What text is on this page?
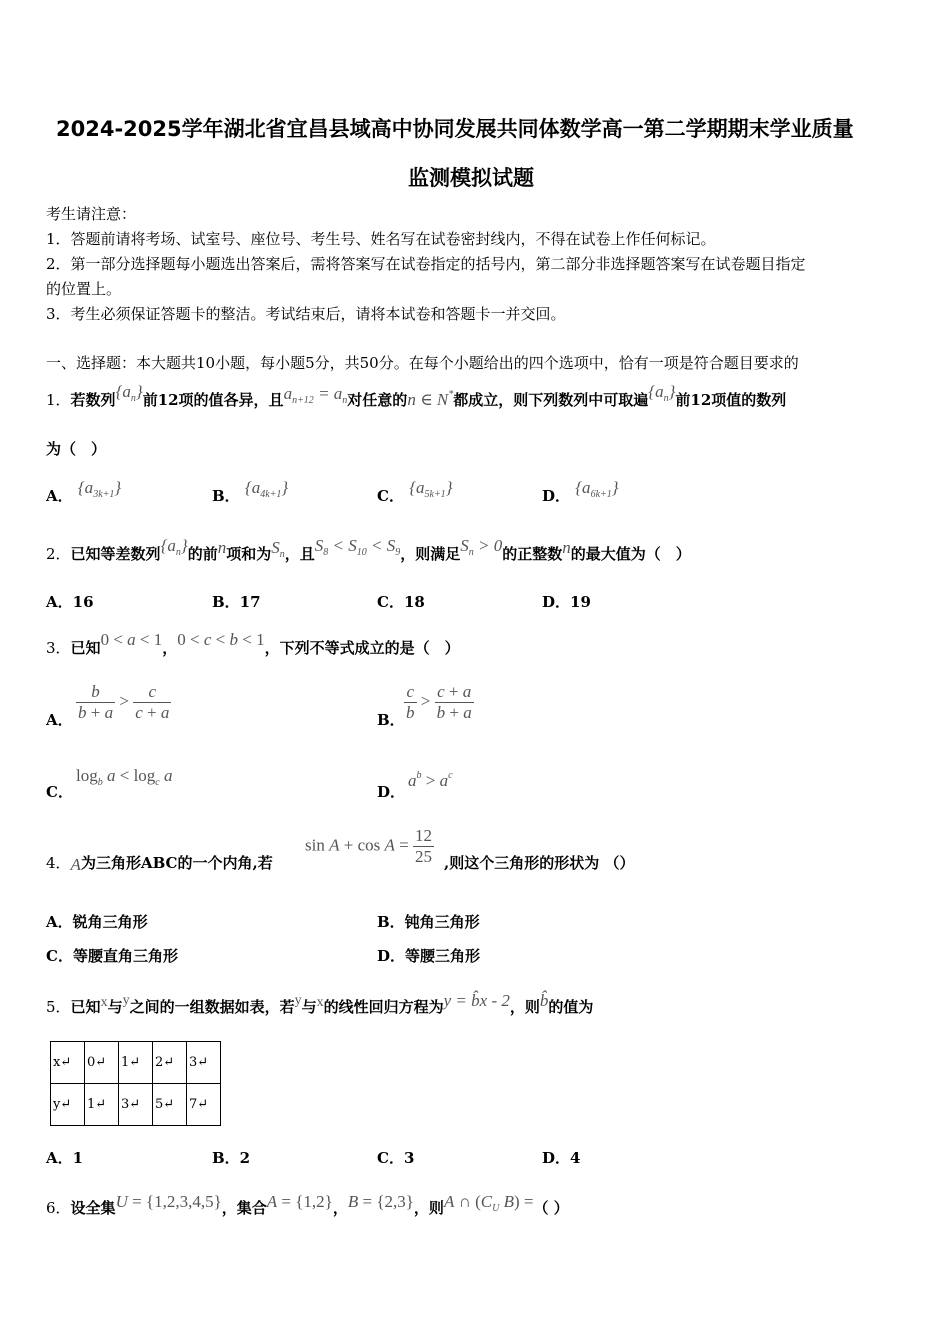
2024-2025学年湖北省宜昌县域高中协同发展共同体数学高一第二学期期末学业质量
监测模拟试题
考生请注意：
1．答题前请将考场、试室号、座位号、考生号、姓名写在试卷密封线内，不得在试卷上作任何标记。
2．第一部分选择题每小题选出答案后，需将答案写在试卷指定的括号内，第二部分非选择题答案写在试卷题目指定
的位置上。
3．考生必须保证答题卡的整洁。考试结束后，请将本试卷和答题卡一并交回。
一、选择题：本大题共10小题，每小题5分，共50分。在每个小题给出的四个选项中，恰有一项是符合题目要求的
1．若数列$\{a_n\}$前12项的值各异，且$a_{n+12} = a_n$对任意的n ∈ N*都成立，则下列数列中可取遍$\{a_n\}$前12项值的数列
为（　）
A． $\{a_{3k+1}\}$	B． $\{a_{4k+1}\}$	C． $\{a_{5k+1}\}$	D． $\{a_{6k+1}\}$
2．已知等差数列$\{a_n\}$的前n项和为$S_n$，且$S_8 < S_{10} < S_9$，则满足$S_n > 0$的正整数n的最大值为（　）
A．16	B．17	C．18	D．19
3．已知0 < a < 1，0 < c < b < 1，下列不等式成立的是（　）
A． $\frac{b}{b + a} > \frac{c}{c + a}$	B． $\frac{c}{b} > \frac{c + a}{b + a}$
C．
$\log_b a < \log_c a$
D．
$a^b > a^c$
4．A为三角形ABC的一个内角,若
$\sin A + \cos A = \frac{12}{25}$ ,则这个三角形的形状为 （）
A．锐角三角形	B．钝角三角形
C．等腰直角三角形	D．等腰三角形
5．已知x与y之间的一组数据如表，若y与x的线性回归方程为y = b̂x - 2，则b̂的值为
x↵	0↵	1↵	2↵	3↵
y↵	1↵	3↵	5↵	7↵
A．1	B．2	C．3	D．4
6．设全集U = {1,2,3,4,5}，集合A = {1,2}，B = {2,3}，则A ∩ ($C_U$ B) =（ ）
